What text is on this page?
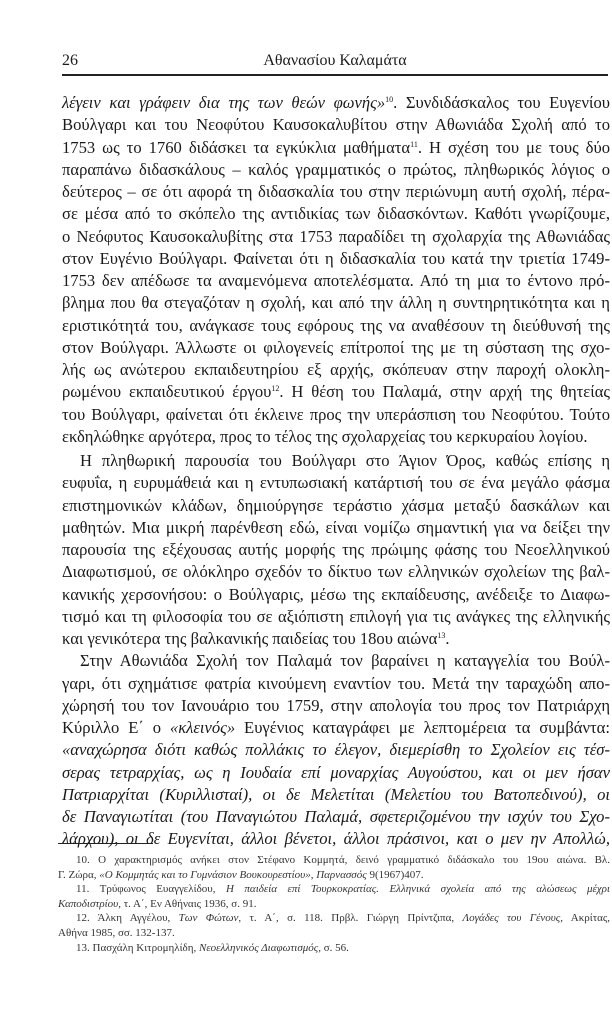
26	Αθανασίου Καλαμάτα
λέγειν και γράφειν δια της των θεών φωνής»$^{10}$. Συνδιδάσκαλος του Ευγενίου
Βούλγαρι και του Νεοφύτου Καυσοκαλυβίτου στην Αθωνιάδα Σχολή από το
1753 ως το 1760 διδάσκει τα εγκύκλια μαθήματα$^{11}$. Η σχέση του με τους δύο
παραπάνω διδασκάλους – καλός γραμματικός ο πρώτος, πληθωρικός λόγιος ο
δεύτερος – σε ότι αφορά τη διδασκαλία του στην περιώνυμη αυτή σχολή, πέρα-
σε μέσα από το σκόπελο της αντιδικίας των διδασκόντων. Καθότι γνωρίζουμε,
ο Νεόφυτος Καυσοκαλυβίτης στα 1753 παραδίδει τη σχολαρχία της Αθωνιάδας
στον Ευγένιο Βούλγαρι. Φαίνεται ότι η διδασκαλία του κατά την τριετία 1749-
1753 δεν απέδωσε τα αναμενόμενα αποτελέσματα. Από τη μια το έντονο πρό-
βλημα που θα στεγαζόταν η σχολή, και από την άλλη η συντηρητικότητα και η
εριστικότητά του, ανάγκασε τους εφόρους της να αναθέσουν τη διεύθυνσή της
στον Βούλγαρι. Άλλωστε οι φιλογενείς επίτροποί της με τη σύσταση της σχο-
λής ως ανώτερου εκπαιδευτηρίου εξ αρχής, σκόπευαν στην παροχή ολοκλη-
ρωμένου εκπαιδευτικού έργου$^{12}$. Η θέση του Παλαμά, στην αρχή της θητείας
του Βούλγαρι, φαίνεται ότι έκλεινε προς την υπεράσπιση του Νεοφύτου. Τούτο
εκδηλώθηκε αργότερα, προς το τέλος της σχολαρχείας του κερκυραίου λογίου.
Η πληθωρική παρουσία του Βούλγαρι στο Άγιον Όρος, καθώς επίσης η
ευφυΐα, η ευρυμάθειά και η εντυπωσιακή κατάρτισή του σε ένα μεγάλο φάσμα
επιστημονικών κλάδων, δημιούργησε τεράστιο χάσμα μεταξύ δασκάλων και
μαθητών. Μια μικρή παρένθεση εδώ, είναι νομίζω σημαντική για να δείξει την
παρουσία της εξέχουσας αυτής μορφής της πρώιμης φάσης του Νεοελληνικού
Διαφωτισμού, σε ολόκληρο σχεδόν το δίκτυο των ελληνικών σχολείων της βαλ-
κανικής χερσονήσου: ο Βούλγαρις, μέσω της εκπαίδευσης, ανέδειξε το Διαφω-
τισμό και τη φιλοσοφία του σε αξιόπιστη επιλογή για τις ανάγκες της ελληνικής
και γενικότερα της βαλκανικής παιδείας του 18ου αιώνα$^{13}$.
Στην Αθωνιάδα Σχολή τον Παλαμά τον βαραίνει η καταγγελία του Βούλ-
γαρι, ότι σχημάτισε φατρία κινούμενη εναντίον του. Μετά την ταραχώδη απο-
χώρησή του τον Ιανουάριο του 1759, στην απολογία του προς τον Πατριάρχη
Κύριλλο Ε΄ ο «κλεινός» Ευγένιος καταγράφει με λεπτομέρεια τα συμβάντα:
«αναχώρησα διότι καθώς πολλάκις το έλεγον, διεμερίσθη το Σχολείον εις τέσ-
σερας τετραρχίας, ως η Ιουδαία επί μοναρχίας Αυγούστου, και οι μεν ήσαν
Πατριαρχίται (Κυριλλισταί), οι δε Μελετίται (Μελετίου του Βατοπεδινού), οι
δε Παναγιωτίται (του Παναγιώτου Παλαμά, σφετεριζομένου την ισχύν του Σχο-
λάρχου), οι δε Ευγενίται, άλλοι βένετοι, άλλοι πράσινοι, και ο μεν ην Απολλώ,
10. Ο χαρακτηρισμός ανήκει στον Στέφανο Κομμητά, δεινό γραμματικό διδάσκαλο του 19ου αιώνα. Βλ.
Γ. Ζώρα, «Ο Κομμητάς και το Γυμνάσιον Βουκουρεστίου», Παρνασσός 9(1967)407.
11. Τρύφωνος Ευαγγελίδου, Η παιδεία επί Τουρκοκρατίας. Ελληνικά σχολεία από της αλώσεως μέχρι
Καποδιστρίου, τ. Α΄, Εν Αθήναις 1936, σ. 91.
12. Άλκη Αγγέλου, Των Φώτων, τ. Α΄, σ. 118. Πρβλ. Γιώργη Πρίντζιπα, Λογάδες του Γένους, Ακρίτας,
Αθήνα 1985, σσ. 132-137.
13. Πασχάλη Κιτρομηλίδη, Νεοελληνικός Διαφωτισμός, σ. 56.
